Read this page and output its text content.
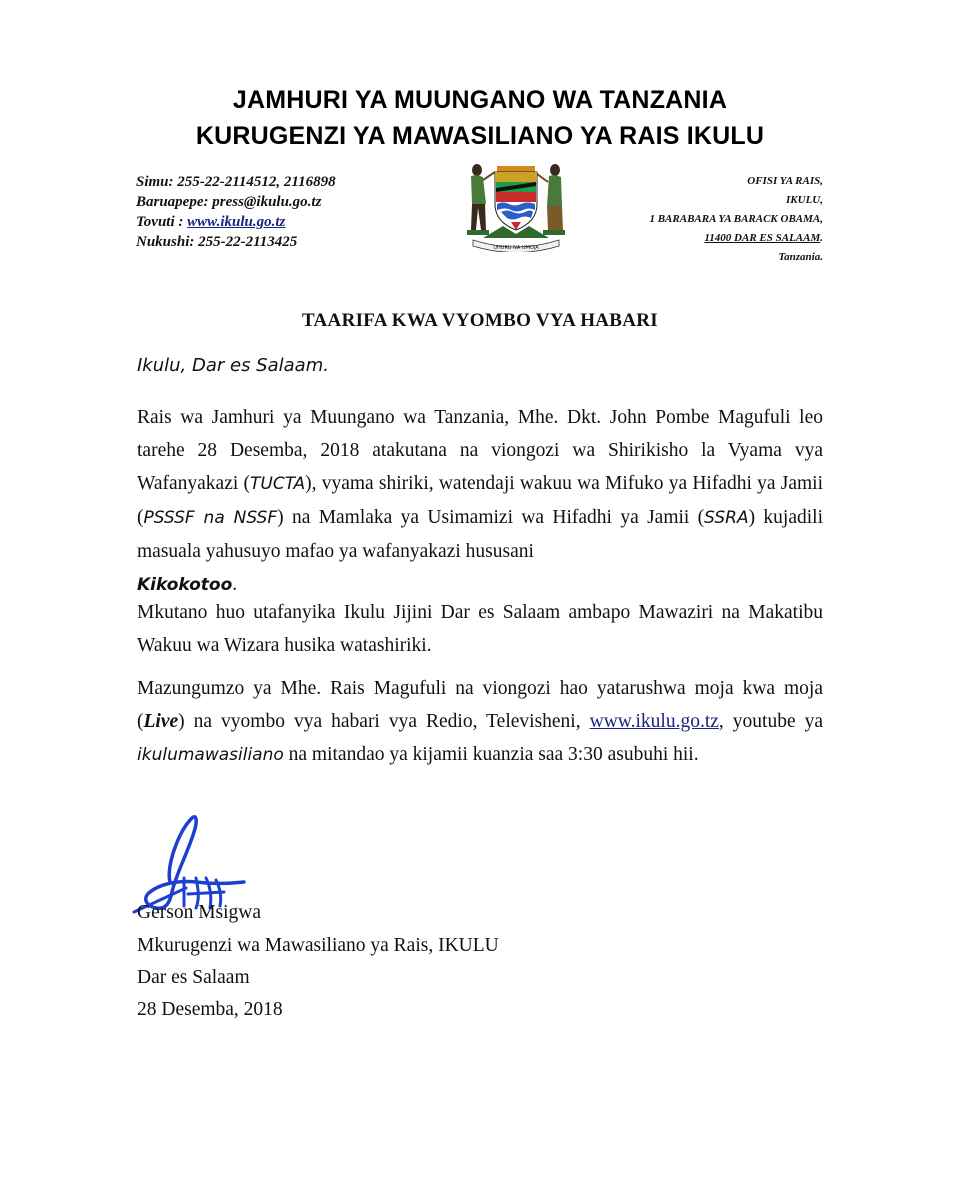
JAMHURI YA MUUNGANO WA TANZANIA
KURUGENZI YA MAWASILIANO YA RAIS IKULU
Simu: 255-22-2114512, 2116898
Baruapepe: press@ikulu.go.tz
Tovuti : www.ikulu.go.tz
Nukushi: 255-22-2113425	UHURU NA UMOJA
OFISI YA RAIS,
IKULU,
1 BARABARA YA BARACK OBAMA,
11400 DAR ES SALAAM.
Tanzania.
TAARIFA KWA VYOMBO VYA HABARI
Ikulu, Dar es Salaam.
Rais wa Jamhuri ya Muungano wa Tanzania, Mhe. Dkt. John Pombe Magufuli leo tarehe 28 Desemba, 2018 atakutana na viongozi wa Shirikisho la Vyama vya Wafanyakazi (TUCTA), vyama shiriki, watendaji wakuu wa Mifuko ya Hifadhi ya Jamii (PSSSF na NSSF) na Mamlaka ya Usimamizi wa Hifadhi ya Jamii (SSRA) kujadili masuala yahusuyo mafao ya wafanyakazi hususani
Kikokotoo.
Mkutano huo utafanyika Ikulu Jijini Dar es Salaam ambapo Mawaziri na Makatibu Wakuu wa Wizara husika watashiriki.
Mazungumzo ya Mhe. Rais Magufuli na viongozi hao yatarushwa moja kwa moja (Live) na vyombo vya habari vya Redio, Televisheni, www.ikulu.go.tz, youtube ya ikulumawasiliano na mitandao ya kijamii kuanzia saa 3:30 asubuhi hii.
Gerson Msigwa
Mkurugenzi wa Mawasiliano ya Rais, IKULU
Dar es Salaam
28 Desemba, 2018
